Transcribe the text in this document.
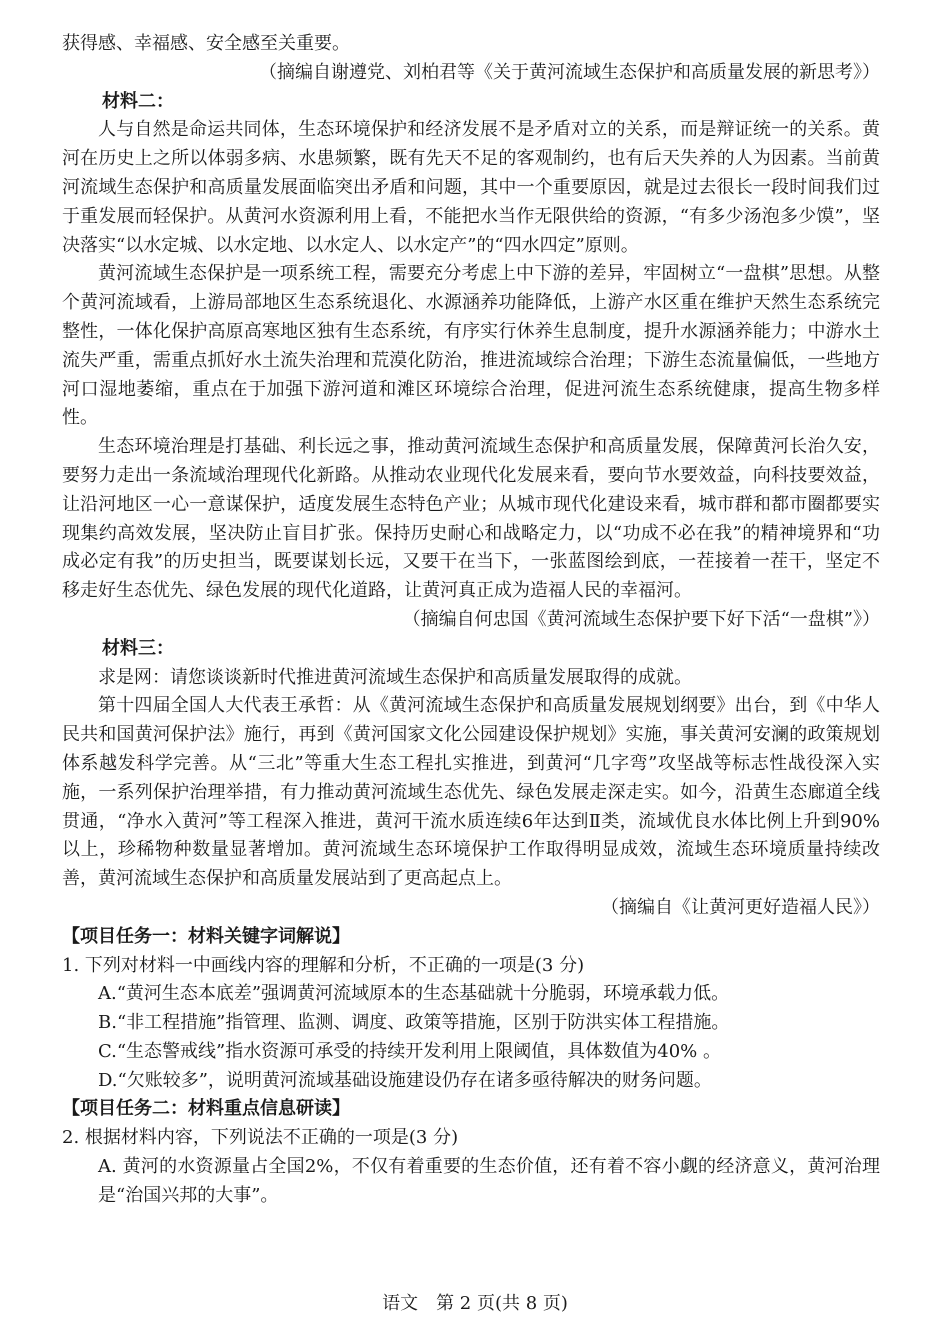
获得感、幸福感、安全感至关重要。

（摘编自谢遵党、刘柏君等《关于黄河流域生态保护和高质量发展的新思考》）

材料二：

人与自然是命运共同体，生态环境保护和经济发展不是矛盾对立的关系，而是辩证统一的关系。黄河在历史上之所以体弱多病、水患频繁，既有先天不足的客观制约，也有后天失养的人为因素。当前黄河流域生态保护和高质量发展面临突出矛盾和问题，其中一个重要原因，就是过去很长一段时间我们过于重发展而轻保护。从黄河水资源利用上看，不能把水当作无限供给的资源，“有多少汤泡多少馍”，坚决落实“以水定城、以水定地、以水定人、以水定产”的“四水四定”原则。

黄河流域生态保护是一项系统工程，需要充分考虑上中下游的差异，牢固树立“一盘棋”思想。从整个黄河流域看，上游局部地区生态系统退化、水源涵养功能降低，上游产水区重在维护天然生态系统完整性，一体化保护高原高寒地区独有生态系统，有序实行休养生息制度，提升水源涵养能力；中游水土流失严重，需重点抓好水土流失治理和荒漠化防治，推进流域综合治理；下游生态流量偏低，一些地方河口湿地萎缩，重点在于加强下游河道和滩区环境综合治理，促进河流生态系统健康，提高生物多样性。

生态环境治理是打基础、利长远之事，推动黄河流域生态保护和高质量发展，保障黄河长治久安，要努力走出一条流域治理现代化新路。从推动农业现代化发展来看，要向节水要效益，向科技要效益，让沿河地区一心一意谋保护，适度发展生态特色产业；从城市现代化建设来看，城市群和都市圈都要实现集约高效发展，坚决防止盲目扩张。保持历史耐心和战略定力，以“功成不必在我”的精神境界和“功成必定有我”的历史担当，既要谋划长远，又要干在当下，一张蓝图绘到底，一茬接着一茬干，坚定不移走好生态优先、绿色发展的现代化道路，让黄河真正成为造福人民的幸福河。

（摘编自何忠国《黄河流域生态保护要下好下活“一盘棋”》）

材料三：

求是网：请您谈谈新时代推进黄河流域生态保护和高质量发展取得的成就。

第十四届全国人大代表王承哲：从《黄河流域生态保护和高质量发展规划纲要》出台，到《中华人民共和国黄河保护法》施行，再到《黄河国家文化公园建设保护规划》实施，事关黄河安澜的政策规划体系越发科学完善。从“三北”等重大生态工程扎实推进，到黄河“几字弯”攻坚战等标志性战役深入实施，一系列保护治理举措，有力推动黄河流域生态优先、绿色发展走深走实。如今，沿黄生态廊道全线贯通，“净水入黄河”等工程深入推进，黄河干流水质连续6年达到Ⅱ类，流域优良水体比例上升到90%以上，珍稀物种数量显著增加。黄河流域生态环境保护工作取得明显成效，流域生态环境质量持续改善，黄河流域生态保护和高质量发展站到了更高起点上。

（摘编自《让黄河更好造福人民》）

【项目任务一：材料关键字词解说】

1. 下列对材料一中画线内容的理解和分析，不正确的一项是(3 分)

A.“黄河生态本底差”强调黄河流域原本的生态基础就十分脆弱，环境承载力低。

B.“非工程措施”指管理、监测、调度、政策等措施，区别于防洪实体工程措施。

C.“生态警戒线”指水资源可承受的持续开发利用上限阈值，具体数值为40% 。

D.“欠账较多”，说明黄河流域基础设施建设仍存在诸多亟待解决的财务问题。

【项目任务二：材料重点信息研读】

2. 根据材料内容，下列说法不正确的一项是(3 分)

A. 黄河的水资源量占全国2%，不仅有着重要的生态价值，还有着不容小觑的经济意义，黄河治理是“治国兴邦的大事”。

语文　第 2 页(共 8 页)
